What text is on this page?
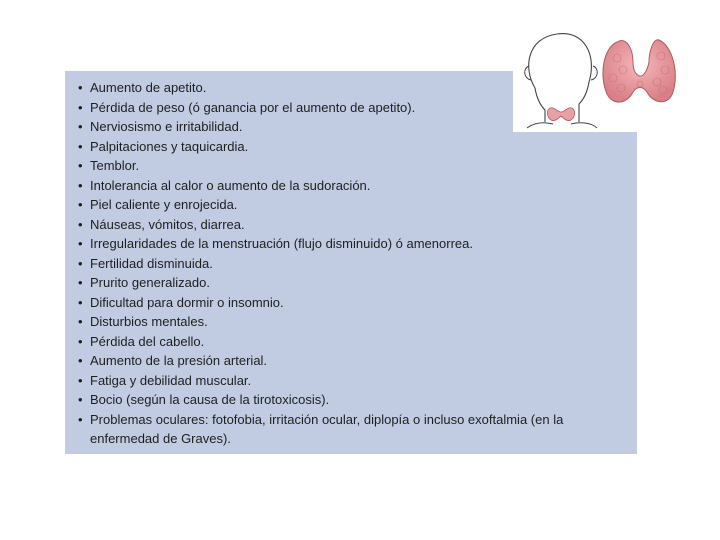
• Aumento de apetito.
• Pérdida de peso (ó ganancia por el aumento de apetito).
• Nerviosismo e irritabilidad.
• Palpitaciones y taquicardia.
• Temblor.
• Intolerancia al calor o aumento de la sudoración.
• Piel caliente y enrojecida.
• Náuseas, vómitos, diarrea.
• Irregularidades de la menstruación (flujo disminuido) ó amenorrea.
• Fertilidad disminuida.
• Prurito generalizado.
• Dificultad para dormir o insomnio.
• Disturbios mentales.
• Pérdida del cabello.
• Aumento de la presión arterial.
• Fatiga y debilidad muscular.
• Bocio (según la causa de la tirotoxicosis).
• Problemas oculares: fotofobia, irritación ocular, diplopía o incluso exoftalmia (en la enfermedad de Graves).
